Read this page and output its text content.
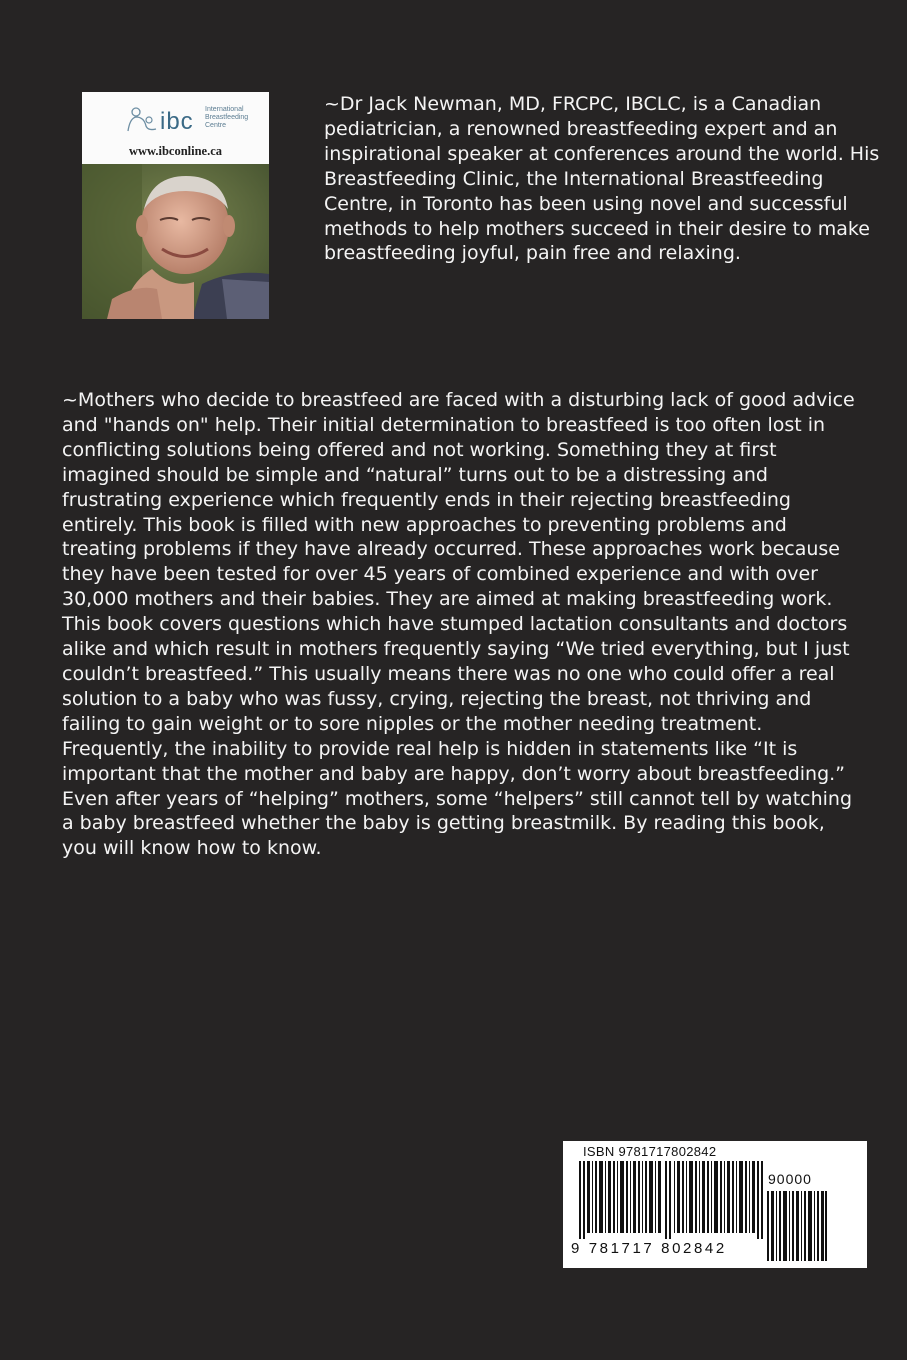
ibc International Breastfeeding Centre
www.ibconline.ca

~Dr Jack Newman, MD, FRCPC, IBCLC, is a Canadian pediatrician, a renowned breastfeeding expert and an inspirational speaker at conferences around the world. His Breastfeeding Clinic, the International Breastfeeding Centre, in Toronto has been using novel and successful methods to help mothers succeed in their desire to make breastfeeding joyful, pain free and relaxing.

~Mothers who decide to breastfeed are faced with a disturbing lack of good advice and "hands on" help. Their initial determination to breastfeed is too often lost in conflicting solutions being offered and not working. Something they at first imagined should be simple and “natural” turns out to be a distressing and frustrating experience which frequently ends in their rejecting breastfeeding entirely. This book is filled with new approaches to preventing problems and treating problems if they have already occurred. These approaches work because they have been tested for over 45 years of combined experience and with over 30,000 mothers and their babies. They are aimed at making breastfeeding work.

This book covers questions which have stumped lactation consultants and doctors alike and which result in mothers frequently saying “We tried everything, but I just couldn’t breastfeed.” This usually means there was no one who could offer a real solution to a baby who was fussy, crying, rejecting the breast, not thriving and failing to gain weight or to sore nipples or the mother needing treatment. Frequently, the inability to provide real help is hidden in statements like “It is important that the mother and baby are happy, don’t worry about breastfeeding.”

Even after years of “helping” mothers, some “helpers” still cannot tell by watching a baby breastfeed whether the baby is getting breastmilk. By reading this book, you will know how to know.

ISBN 9781717802842
90000
9 781717 802842
